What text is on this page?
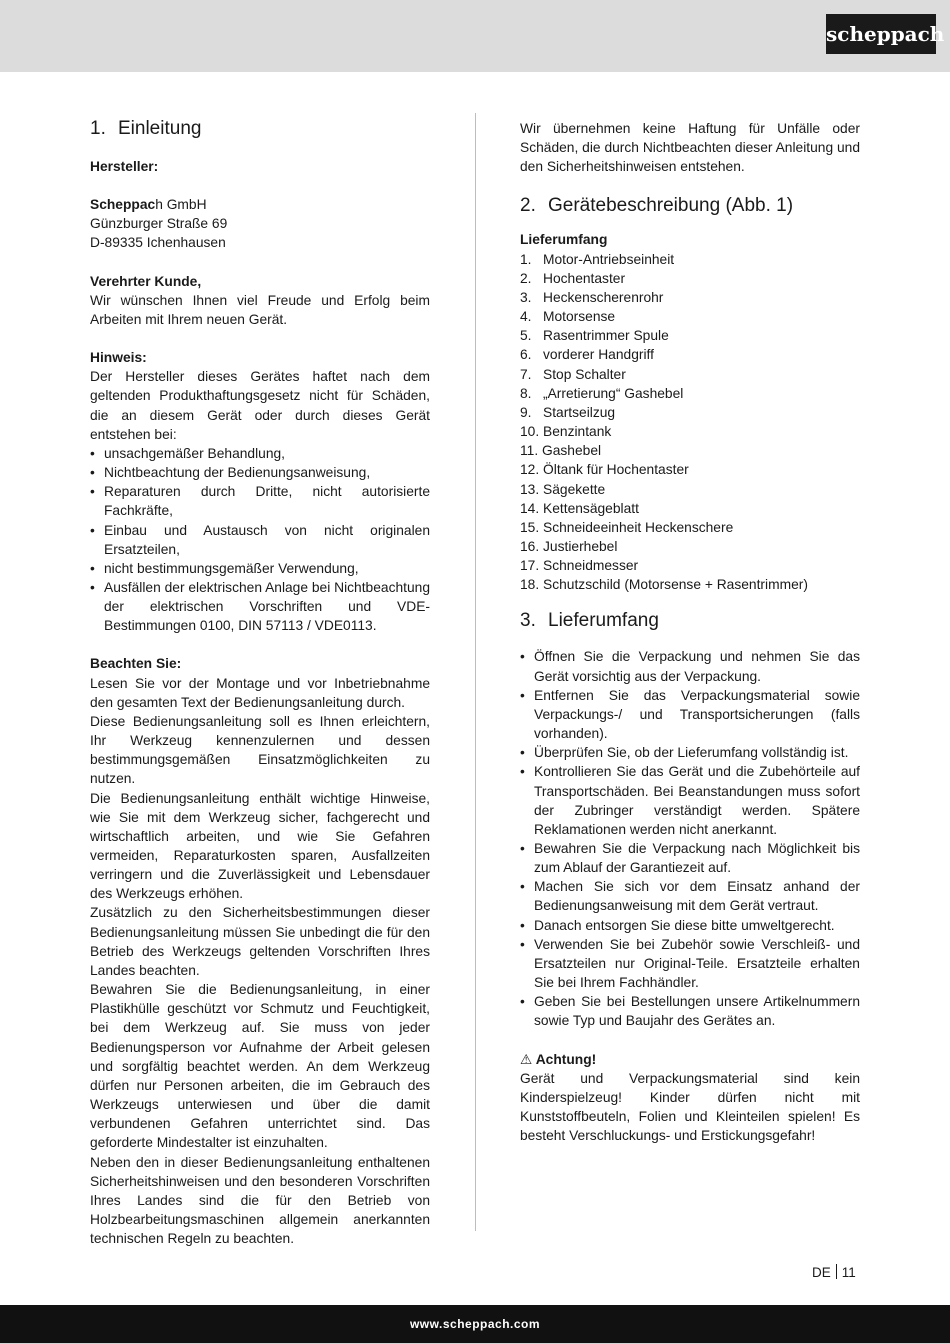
scheppach
1. Einleitung

Hersteller:

Scheppach GmbH

Günzburger Straße 69

D-89335 Ichenhausen

Verehrter Kunde,

Wir wünschen Ihnen viel Freude und Erfolg beim Arbeiten mit Ihrem neuen Gerät.

Hinweis:

Der Hersteller dieses Gerätes haftet nach dem geltenden Produkthaftungsgesetz nicht für Schäden, die an diesem Gerät oder durch dieses Gerät entstehen bei:

• unsachgemäßer Behandlung,
• Nichtbeachtung der Bedienungsanweisung,
• Reparaturen durch Dritte, nicht autorisierte Fachkräfte,
• Einbau und Austausch von nicht originalen Ersatzteilen,
• nicht bestimmungsgemäßer Verwendung,
• Ausfällen der elektrischen Anlage bei Nichtbeachtung der elektrischen Vorschriften und VDE-Bestimmungen 0100, DIN 57113 / VDE0113.

Beachten Sie:

Lesen Sie vor der Montage und vor Inbetriebnahme den gesamten Text der Bedienungsanleitung durch.

Diese Bedienungsanleitung soll es Ihnen erleichtern, Ihr Werkzeug kennenzulernen und dessen bestimmungsgemäßen Einsatzmöglichkeiten zu nutzen.

Die Bedienungsanleitung enthält wichtige Hinweise, wie Sie mit dem Werkzeug sicher, fachgerecht und wirtschaftlich arbeiten, und wie Sie Gefahren vermeiden, Reparaturkosten sparen, Ausfallzeiten verringern und die Zuverlässigkeit und Lebensdauer des Werkzeugs erhöhen.

Zusätzlich zu den Sicherheitsbestimmungen dieser Bedienungsanleitung müssen Sie unbedingt die für den Betrieb des Werkzeugs geltenden Vorschriften Ihres Landes beachten.

Bewahren Sie die Bedienungsanleitung, in einer Plastikhülle geschützt vor Schmutz und Feuchtigkeit, bei dem Werkzeug auf. Sie muss von jeder Bedienungsperson vor Aufnahme der Arbeit gelesen und sorgfältig beachtet werden. An dem Werkzeug dürfen nur Personen arbeiten, die im Gebrauch des Werkzeugs unterwiesen und über die damit verbundenen Gefahren unterrichtet sind. Das geforderte Mindestalter ist einzuhalten.

Neben den in dieser Bedienungsanleitung enthaltenen Sicherheitshinweisen und den besonderen Vorschriften Ihres Landes sind die für den Betrieb von Holzbearbeitungsmaschinen allgemein anerkannten technischen Regeln zu beachten.

Wir übernehmen keine Haftung für Unfälle oder Schäden, die durch Nichtbeachten dieser Anleitung und den Sicherheitshinweisen entstehen.

2. Gerätebeschreibung (Abb. 1)

Lieferumfang

1. Motor-Antriebseinheit
2. Hochentaster
3. Heckenscherenrohr
4. Motorsense
5. Rasentrimmer Spule
6. vorderer Handgriff
7. Stop Schalter
8. „Arretierung“ Gashebel
9. Startseilzug
10. Benzintank
11. Gashebel
12. Öltank für Hochentaster
13. Sägekette
14. Kettensägeblatt
15. Schneideeinheit Heckenschere
16. Justierhebel
17. Schneidmesser
18. Schutzschild (Motorsense + Rasentrimmer)
3. Lieferumfang
• Öffnen Sie die Verpackung und nehmen Sie das Gerät vorsichtig aus der Verpackung.
• Entfernen Sie das Verpackungsmaterial sowie Verpackungs-/ und Transportsicherungen (falls vorhanden).
• Überprüfen Sie, ob der Lieferumfang vollständig ist.
• Kontrollieren Sie das Gerät und die Zubehörteile auf Transportschäden. Bei Beanstandungen muss sofort der Zubringer verständigt werden. Spätere Reklamationen werden nicht anerkannt.
• Bewahren Sie die Verpackung nach Möglichkeit bis zum Ablauf der Garantiezeit auf.
• Machen Sie sich vor dem Einsatz anhand der Bedienungsanweisung mit dem Gerät vertraut.
• Danach entsorgen Sie diese bitte umweltgerecht.
• Verwenden Sie bei Zubehör sowie Verschleiß- und Ersatzteilen nur Original-Teile. Ersatzteile erhalten Sie bei Ihrem Fachhändler.
• Geben Sie bei Bestellungen unsere Artikelnummern sowie Typ und Baujahr des Gerätes an.

⚠ Achtung!

Gerät und Verpackungsmaterial sind kein Kinderspielzeug! Kinder dürfen nicht mit Kunststoffbeuteln, Folien und Kleinteilen spielen! Es besteht Verschluckungs- und Erstickungsgefahr!

DE 11
www.scheppach.com
